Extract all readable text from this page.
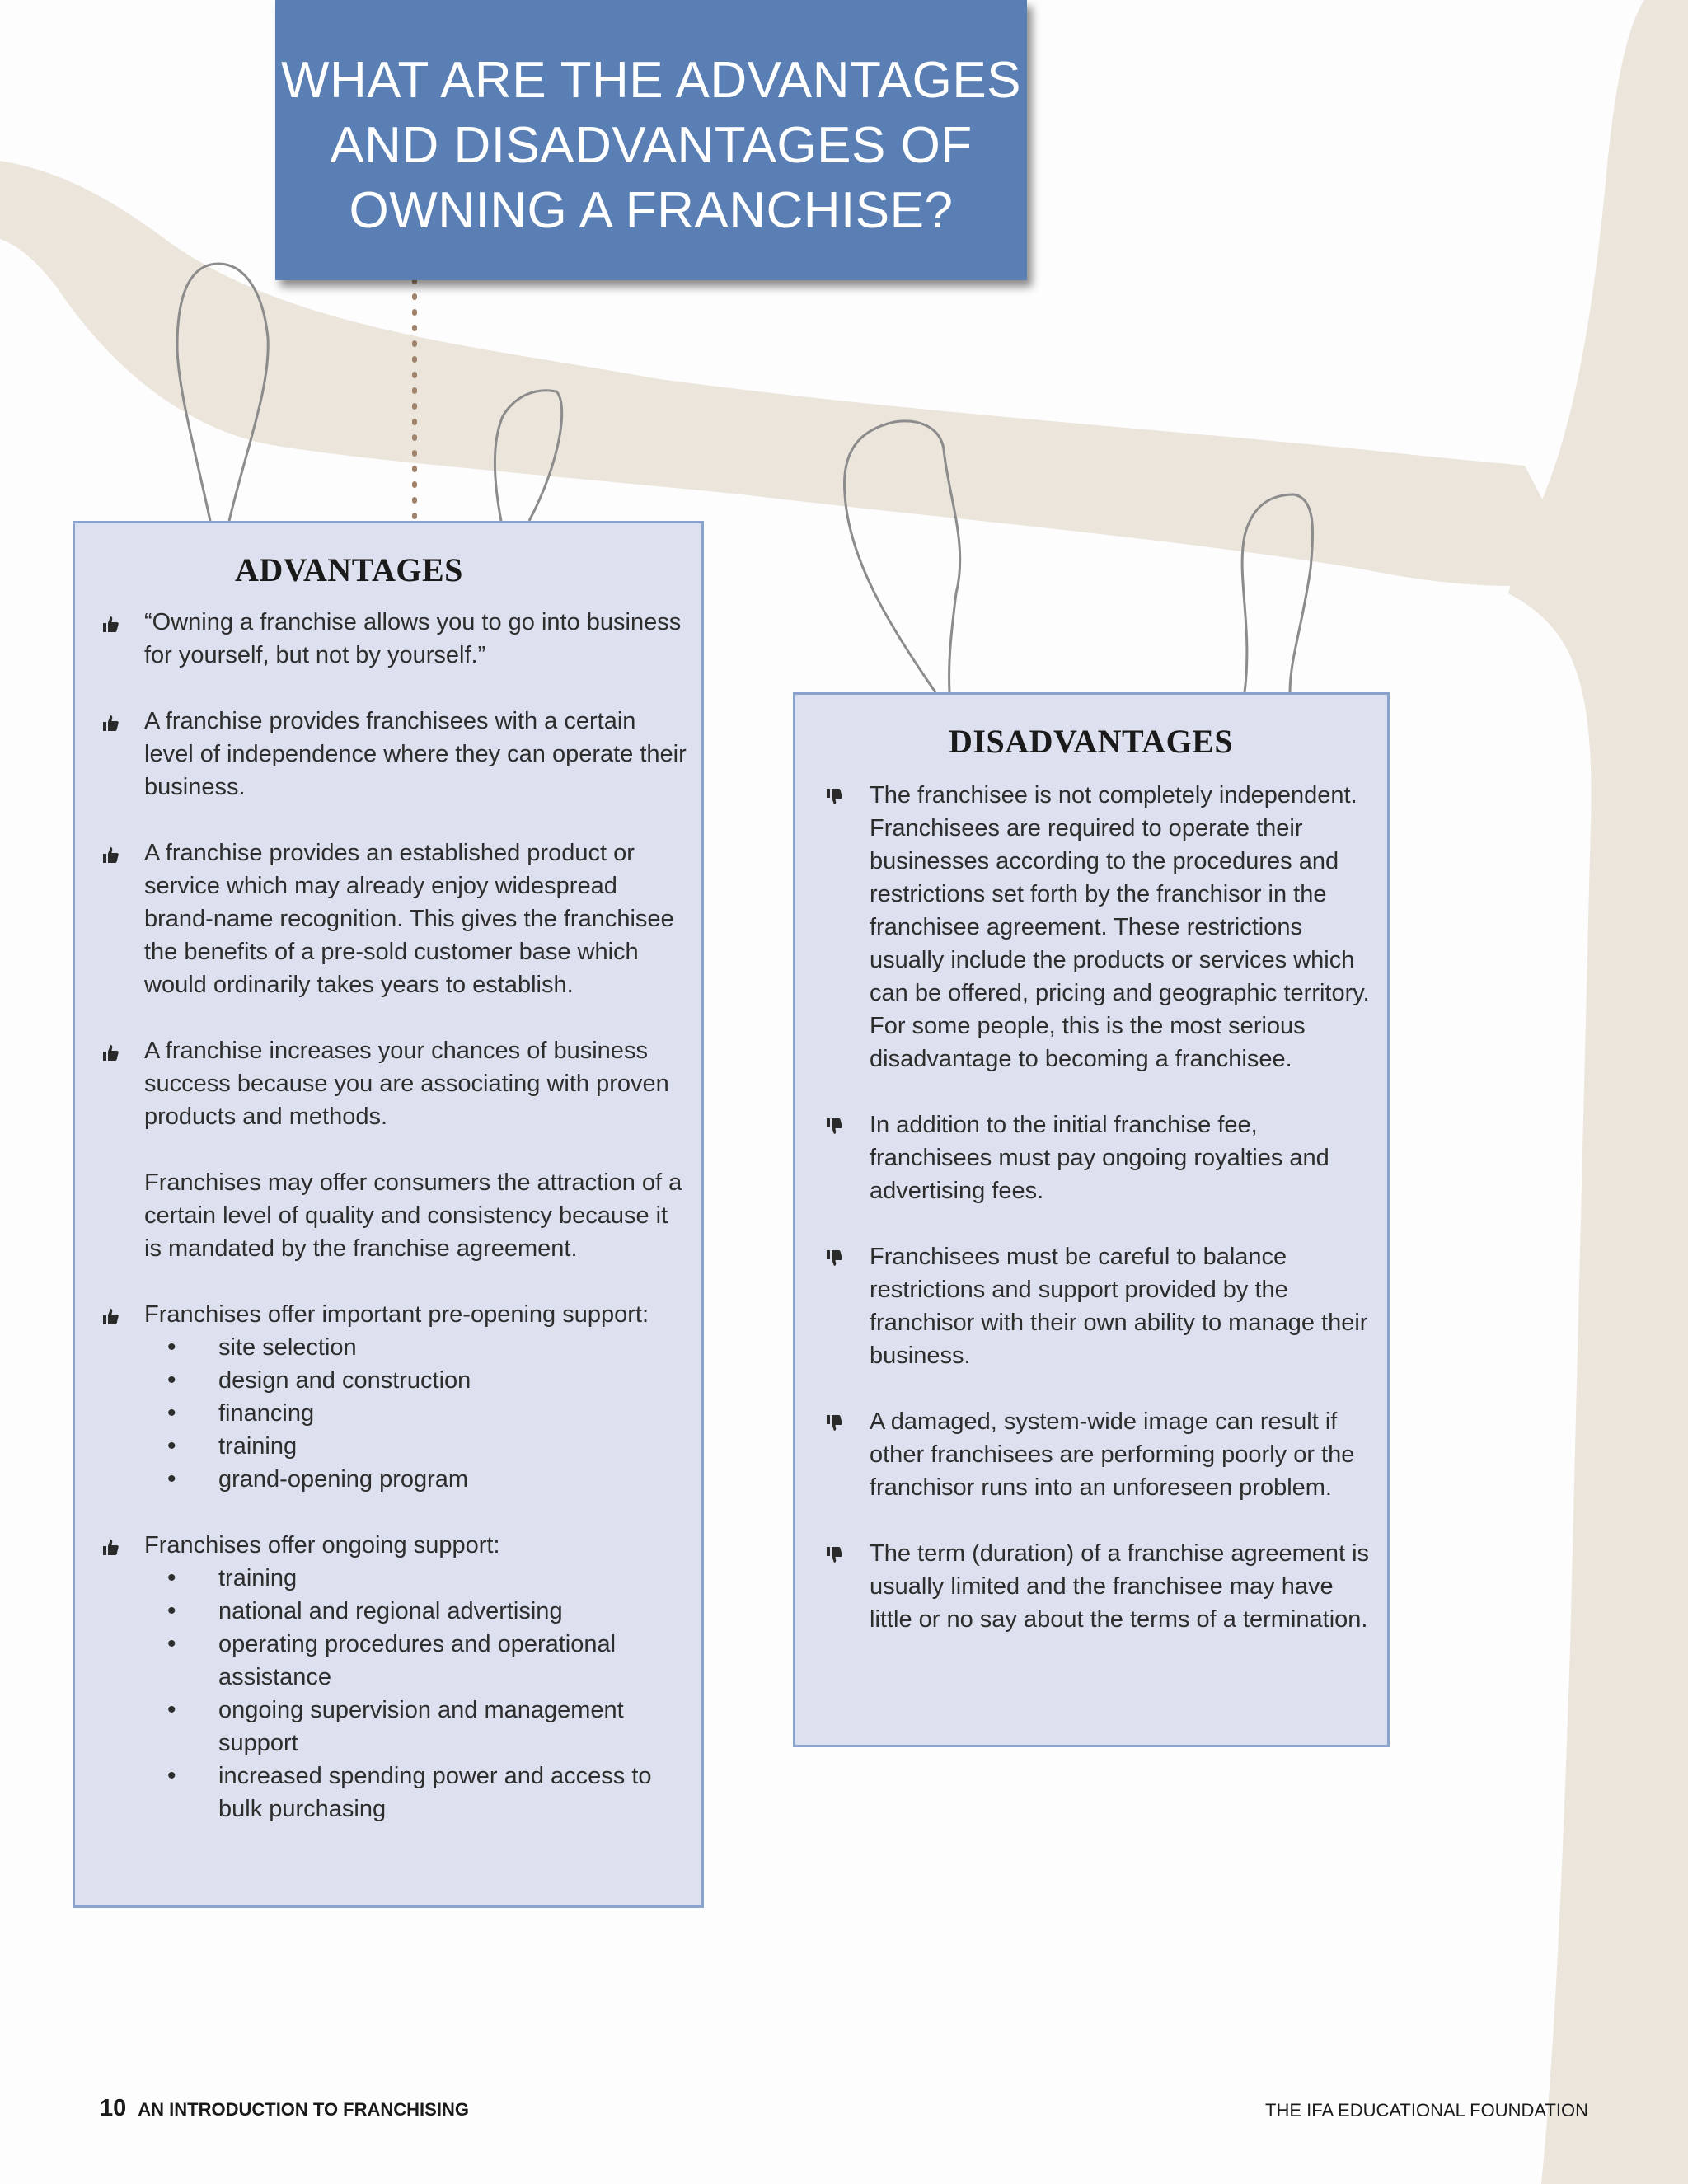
WHAT ARE THE ADVANTAGES
AND DISADVANTAGES OF
OWNING A FRANCHISE?
ADVANTAGES
“Owning a franchise allows you to go into business for yourself, but not by yourself.”
A franchise provides franchisees with a certain level of independence where they can operate their business.
A franchise provides an established product or service which may already enjoy widespread brand-name recognition. This gives the franchisee the benefits of a pre-sold customer base which would ordinarily takes years to establish.
A franchise increases your chances of business success because you are associating with proven products and methods.
Franchises may offer consumers the attraction of a certain level of quality and consistency because it is mandated by the franchise agreement.
Franchises offer important pre-opening support:
• site selection
• design and construction
• financing
• training
• grand-opening program
Franchises offer ongoing support:
• training
• national and regional advertising
• operating procedures and operational assistance
• ongoing supervision and management support
• increased spending power and access to bulk purchasing
DISADVANTAGES
The franchisee is not completely independent. Franchisees are required to operate their businesses according to the procedures and restrictions set forth by the franchisor in the franchisee agreement. These restrictions usually include the products or services which can be offered, pricing and geographic territory. For some people, this is the most serious disadvantage to becoming a franchisee.
In addition to the initial franchise fee, franchisees must pay ongoing royalties and advertising fees.
Franchisees must be careful to balance restrictions and support provided by the franchisor with their own ability to manage their business.
A damaged, system-wide image can result if other franchisees are performing poorly or the franchisor runs into an unforeseen problem.
The term (duration) of a franchise agreement is usually limited and the franchisee may have little or no say about the terms of a termination.
10 AN INTRODUCTION TO FRANCHISING	THE IFA EDUCATIONAL FOUNDATION
